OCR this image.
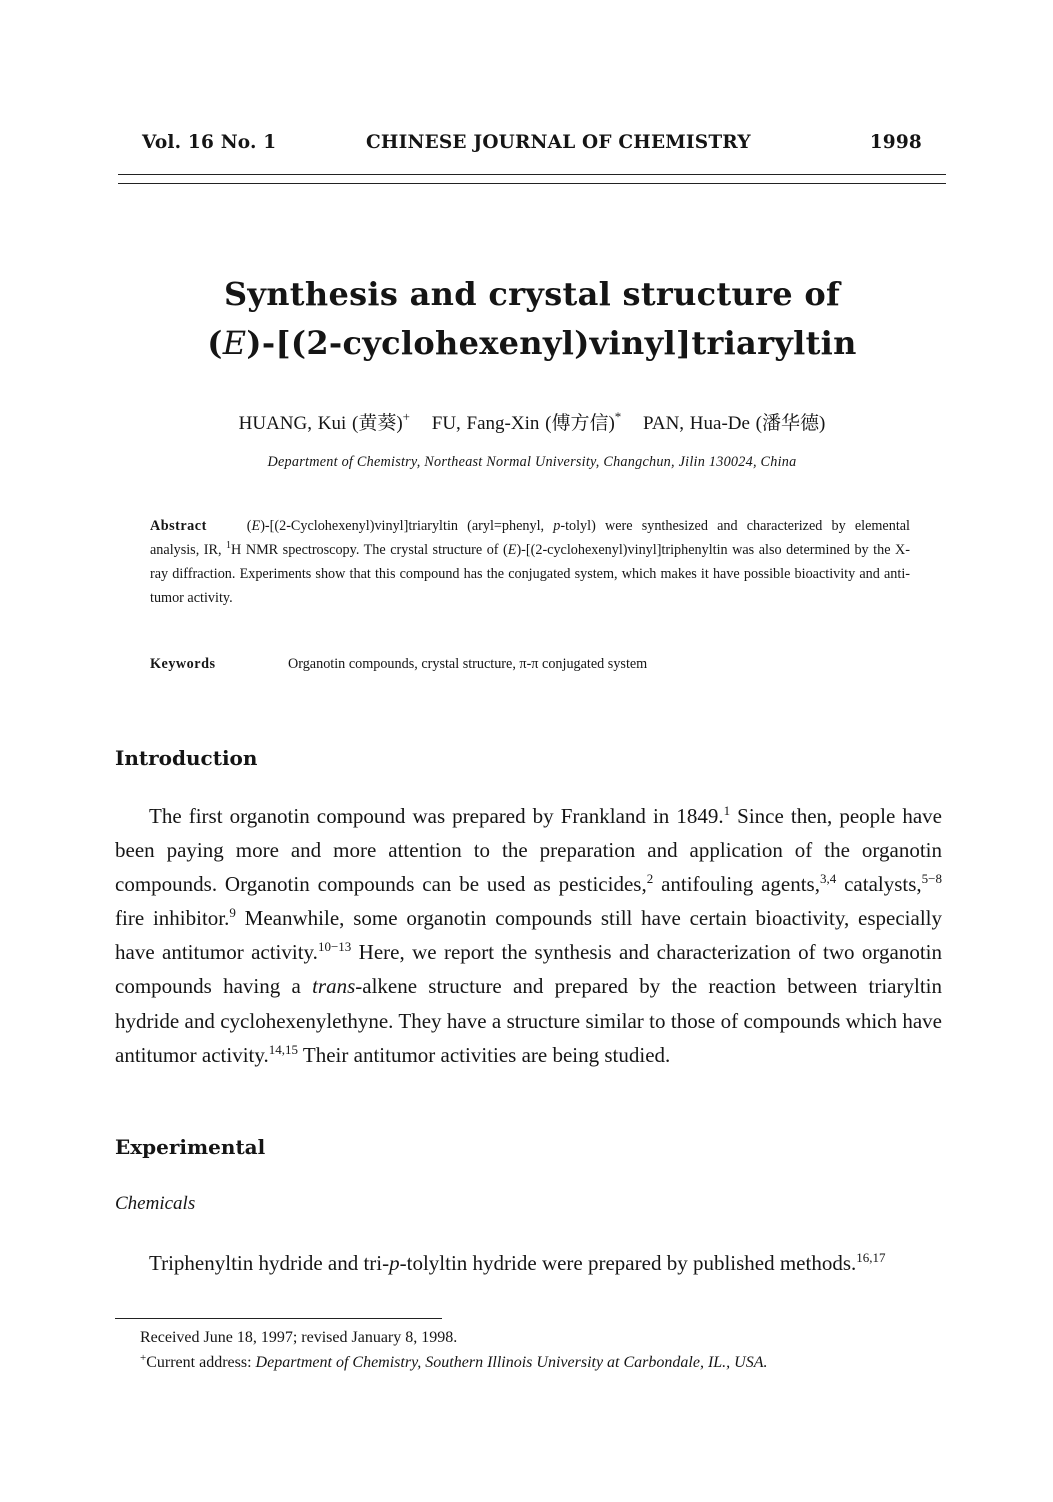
Vol. 16 No. 1	CHINESE JOURNAL OF CHEMISTRY	1998
Synthesis and crystal structure of
(E)-[(2-cyclohexenyl)vinyl]triaryltin
HUANG, Kui (黄葵)+ FU, Fang-Xin (傅方信)* PAN, Hua-De (潘华德)
Department of Chemistry, Northeast Normal University, Changchun, Jilin 130024, China
Abstract	(E)-[(2-Cyclohexenyl)vinyl]triaryltin (aryl=phenyl, p-tolyl) were synthesized and characterized by elemental analysis, IR, $^1$H NMR spectroscopy. The crystal structure of (E)-[(2-cyclohexenyl)vinyl]triphenyltin was also determined by the X-ray diffraction. Experiments show that this compound has the conjugated system, which makes it have possible bioactivity and anti-tumor activity.
Keywords	Organotin compounds, crystal structure, π-π conjugated system
Introduction
The first organotin compound was prepared by Frankland in 1849.$^1$ Since then, people have been paying more and more attention to the preparation and application of the organotin compounds. Organotin compounds can be used as pesticides,$^2$ antifouling agents,$^{3,4}$ catalysts,$^{5-8}$ fire inhibitor.$^9$ Meanwhile, some organotin compounds still have certain bioactivity, especially have antitumor activity.$^{10-13}$ Here, we report the synthesis and characterization of two organotin compounds having a trans-alkene structure and prepared by the reaction between triaryltin hydride and cyclohexenylethyne. They have a structure similar to those of compounds which have antitumor activity.$^{14,15}$ Their antitumor activities are being studied.
Experimental
Chemicals
Triphenyltin hydride and tri-p-tolyltin hydride were prepared by published methods.$^{16,17}$
Received June 18, 1997; revised January 8, 1998.
+Current address: Department of Chemistry, Southern Illinois University at Carbondale, IL., USA.
